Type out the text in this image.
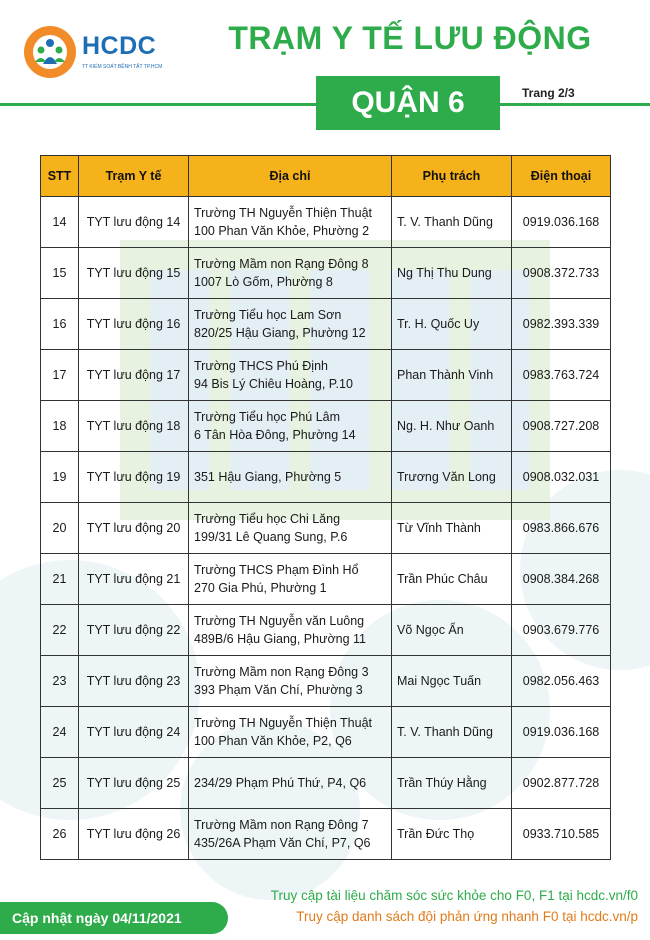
HCDC
TT KIỂM SOÁT BỆNH TẬT TP.HCM
TRẠM Y TẾ LƯU ĐỘNG
QUẬN 6	Trang 2/3
STT	Trạm Y tế	Địa chỉ	Phụ trách	Điện thoại
14	TYT lưu động 14	Trường TH Nguyễn Thiện Thuật
100 Phan Văn Khỏe, Phường 2	T. V. Thanh Dũng	0919.036.168
15	TYT lưu động 15	Trường Mầm non Rạng Đông 8
1007 Lò Gốm, Phường 8	Ng Thị Thu Dung	0908.372.733
16	TYT lưu động 16	Trường Tiểu học Lam Sơn
820/25 Hậu Giang, Phường 12	Tr. H. Quốc Uy	0982.393.339
17	TYT lưu động 17	Trường THCS Phú Định
94 Bis Lý Chiêu Hoàng, P.10	Phan Thành Vinh	0983.763.724
18	TYT lưu động 18	Trường Tiểu học Phú Lâm
6 Tân Hòa Đông, Phường 14	Ng. H. Như Oanh	0908.727.208
19	TYT lưu động 19	351 Hậu Giang, Phường 5	Trương Văn Long	0908.032.031
20	TYT lưu động 20	Trường Tiểu học Chi Lăng
199/31 Lê Quang Sung, P.6	Từ Vĩnh Thành	0983.866.676
21	TYT lưu động 21	Trường THCS Phạm Đình Hổ
270 Gia Phú, Phường 1	Trần Phúc Châu	0908.384.268
22	TYT lưu động 22	Trường TH Nguyễn văn Luông
489B/6 Hậu Giang, Phường 11	Võ Ngọc Ẩn	0903.679.776
23	TYT lưu động 23	Trường Mầm non Rạng Đông 3
393 Phạm Văn Chí, Phường 3	Mai Ngọc Tuấn	0982.056.463
24	TYT lưu động 24	Trường TH Nguyễn Thiện Thuật
100 Phan Văn Khỏe, P2, Q6	T. V. Thanh Dũng	0919.036.168
25	TYT lưu động 25	234/29 Phạm Phú Thứ, P4, Q6	Trần Thúy Hằng	0902.877.728
26	TYT lưu động 26	Trường Mầm non Rạng Đông 7
435/26A Phạm Văn Chí, P7, Q6	Trần Đức Thọ	0933.710.585
Truy cập tài liệu chăm sóc sức khỏe cho F0, F1 tại hcdc.vn/f0
Truy cập danh sách đội phản ứng nhanh F0 tại hcdc.vn/p
Cập nhật ngày 04/11/2021
